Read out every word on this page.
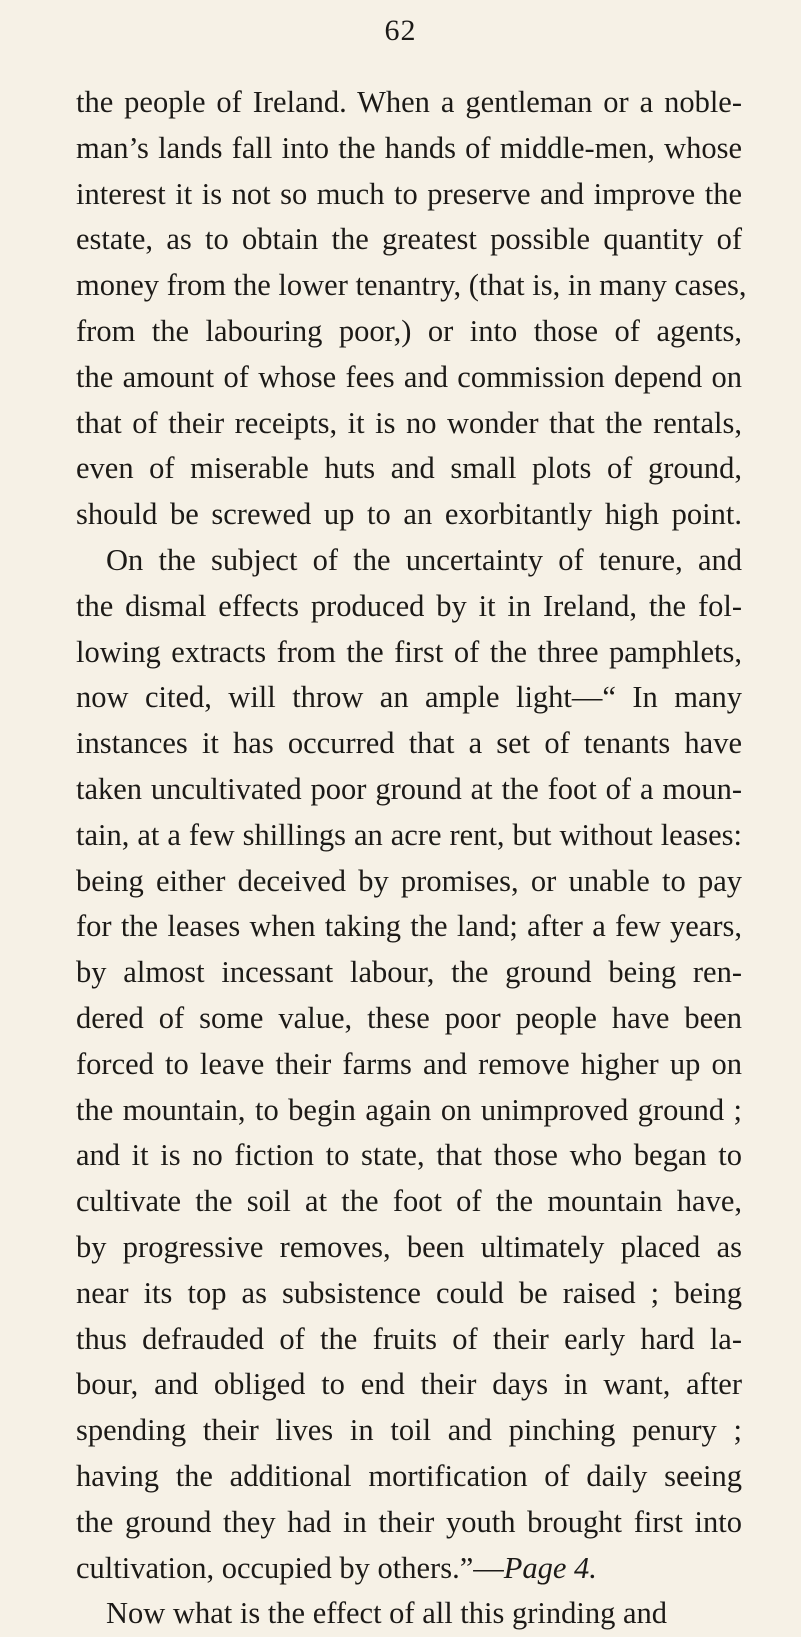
62
the people of Ireland. When a gentleman or a noble-
man’s lands fall into the hands of middle-men, whose
interest it is not so much to preserve and improve the
estate, as to obtain the greatest possible quantity of
money from the lower tenantry, (that is, in many cases,
from the labouring poor,) or into those of agents,
the amount of whose fees and commission depend on
that of their receipts, it is no wonder that the rentals,
even of miserable huts and small plots of ground,
should be screwed up to an exorbitantly high point.
On the subject of the uncertainty of tenure, and
the dismal effects produced by it in Ireland, the fol-
lowing extracts from the first of the three pamphlets,
now cited, will throw an ample light—“ In many
instances it has occurred that a set of tenants have
taken uncultivated poor ground at the foot of a moun-
tain, at a few shillings an acre rent, but without leases:
being either deceived by promises, or unable to pay
for the leases when taking the land; after a few years,
by almost incessant labour, the ground being ren-
dered of some value, these poor people have been
forced to leave their farms and remove higher up on
the mountain, to begin again on unimproved ground ;
and it is no fiction to state, that those who began to
cultivate the soil at the foot of the mountain have,
by progressive removes, been ultimately placed as
near its top as subsistence could be raised ; being
thus defrauded of the fruits of their early hard la-
bour, and obliged to end their days in want, after
spending their lives in toil and pinching penury ;
having the additional mortification of daily seeing
the ground they had in their youth brought first into
cultivation, occupied by others.”—Page 4.
Now what is the effect of all this grinding and
